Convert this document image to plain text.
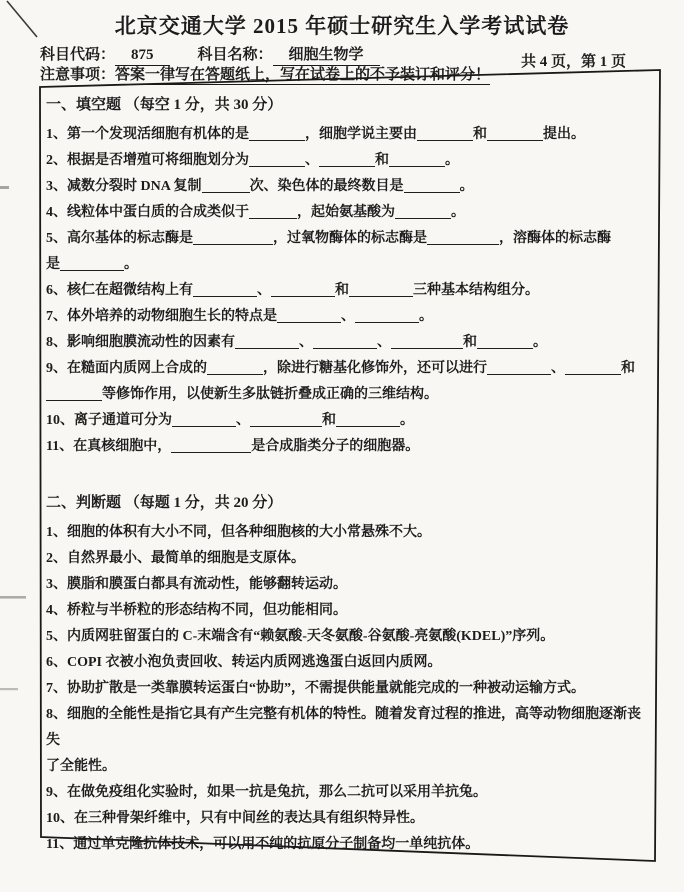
北京交通大学 2015 年硕士研究生入学考试试卷
科目代码： 875	科目名称： 细胞生物学	共 4 页，第 1 页
注意事项：答案一律写在答题纸上，写在试卷上的不予装订和评分！
一、填空题 （每空 1 分，共 30 分）
1、第一个发现活细胞有机体的是	，细胞学说主要由	和	提出。
2、根据是否增殖可将细胞划分为	、	和	。
3、减数分裂时 DNA 复制	次、染色体的最终数目是	。
4、线粒体中蛋白质的合成类似于	，起始氨基酸为	。
5、高尔基体的标志酶是	，过氧物酶体的标志酶是	，溶酶体的标志酶
是	。
6、核仁在超微结构上有	、	和	三种基本结构组分。
7、体外培养的动物细胞生长的特点是	、	。
8、影响细胞膜流动性的因素有	、	、	和	。
9、在糙面内质网上合成的	，除进行糖基化修饰外，还可以进行	、	和
等修饰作用，以使新生多肽链折叠成正确的三维结构。
10、离子通道可分为	、	和	。
11、在真核细胞中，	是合成脂类分子的细胞器。
二、判断题 （每题 1 分，共 20 分）
1、细胞的体积有大小不同，但各种细胞核的大小常悬殊不大。
2、自然界最小、最简单的细胞是支原体。
3、膜脂和膜蛋白都具有流动性，能够翻转运动。
4、桥粒与半桥粒的形态结构不同，但功能相同。
5、内质网驻留蛋白的 C-末端含有“赖氨酸-天冬氨酸-谷氨酸-亮氨酸(KDEL)”序列。
6、COPI 衣被小泡负责回收、转运内质网逃逸蛋白返回内质网。
7、协助扩散是一类靠膜转运蛋白“协助”，不需提供能量就能完成的一种被动运输方式。
8、细胞的全能性是指它具有产生完整有机体的特性。随着发育过程的推进，高等动物细胞逐渐丧失
了全能性。
9、在做免疫组化实验时，如果一抗是兔抗，那么二抗可以采用羊抗兔。
10、在三种骨架纤维中，只有中间丝的表达具有组织特异性。
11、通过单克隆抗体技术，可以用不纯的抗原分子制备均一单纯抗体。
